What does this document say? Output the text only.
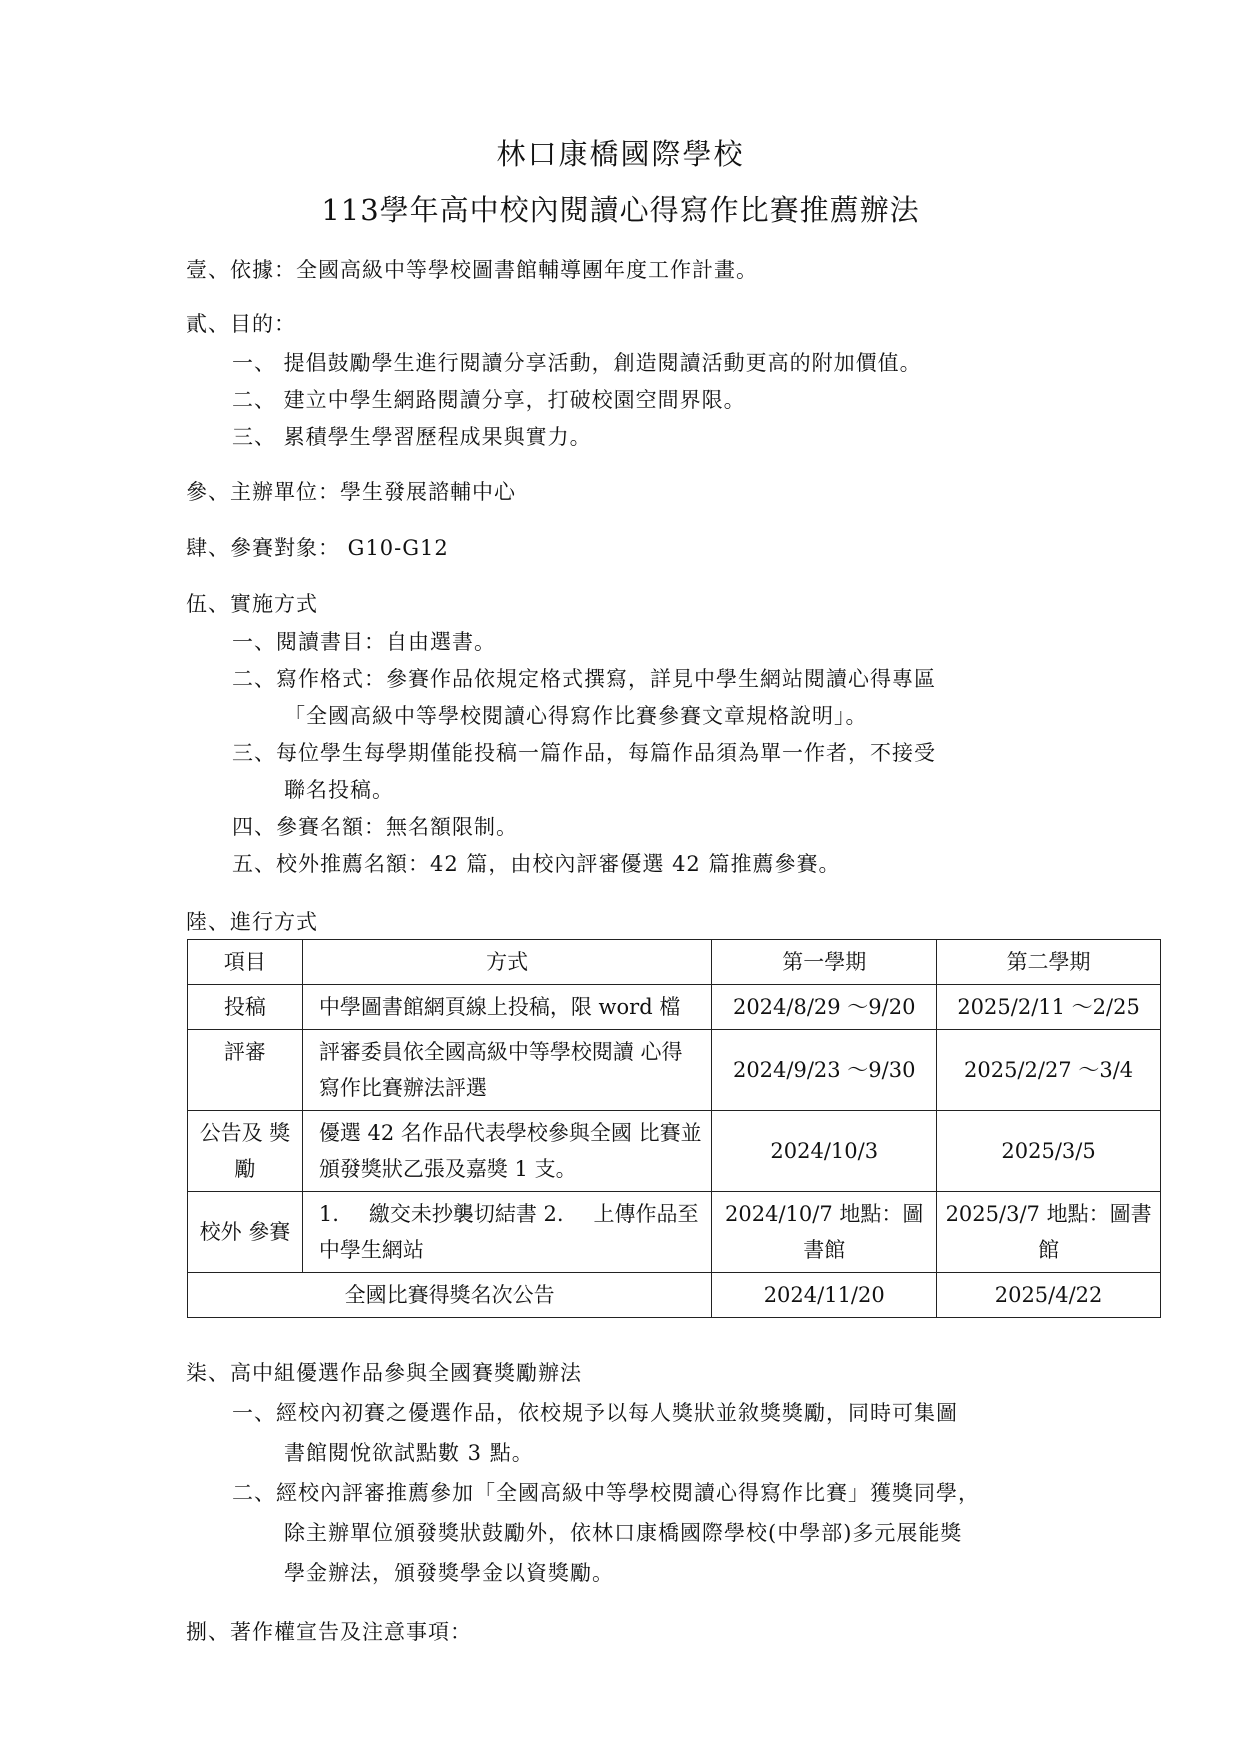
林口康橋國際學校
113學年高中校內閱讀心得寫作比賽推薦辦法
壹、依據：全國高級中等學校圖書館輔導團年度工作計畫。
貳、目的：
一、 提倡鼓勵學生進行閱讀分享活動，創造閱讀活動更高的附加價值。
二、 建立中學生網路閱讀分享，打破校園空間界限。
三、 累積學生學習歷程成果與實力。
參、主辦單位：學生發展諮輔中心
肆、參賽對象： G10-G12
伍、實施方式
一、閱讀書目：自由選書。
二、寫作格式：參賽作品依規定格式撰寫，詳見中學生網站閱讀心得專區
「全國高級中等學校閱讀心得寫作比賽參賽文章規格說明」。
三、每位學生每學期僅能投稿一篇作品，每篇作品須為單一作者，不接受
聯名投稿。
四、參賽名額：無名額限制。
五、校外推薦名額：42 篇，由校內評審優選 42 篇推薦參賽。
陸、進行方式
項目	方式	第一學期	第二學期
投稿	中學圖書館網頁線上投稿，限 word 檔	2024/8/29 ～9/20	2025/2/11 ～2/25
評審	評審委員依全國高級中等學校閱讀 心得寫作比賽辦法評選	2024/9/23 ～9/30	2025/2/27 ～3/4
公告及 獎勵	優選 42 名作品代表學校參與全國 比賽並頒發獎狀乙張及嘉獎 1 支。	2024/10/3	2025/3/5
校外 參賽	1. 繳交未抄襲切結書 2. 上傳作品至中學生網站	2024/10/7 地點：圖書館	2025/3/7 地點：圖書館
全國比賽得獎名次公告		2024/11/20	2025/4/22
柒、高中組優選作品參與全國賽獎勵辦法
一、經校內初賽之優選作品，依校規予以每人獎狀並敘獎獎勵，同時可集圖
書館閱悅欲試點數 3 點。
二、經校內評審推薦參加「全國高級中等學校閱讀心得寫作比賽」獲獎同學，
除主辦單位頒發獎狀鼓勵外，依林口康橋國際學校(中學部)多元展能獎
學金辦法，頒發獎學金以資獎勵。
捌、著作權宣告及注意事項：
